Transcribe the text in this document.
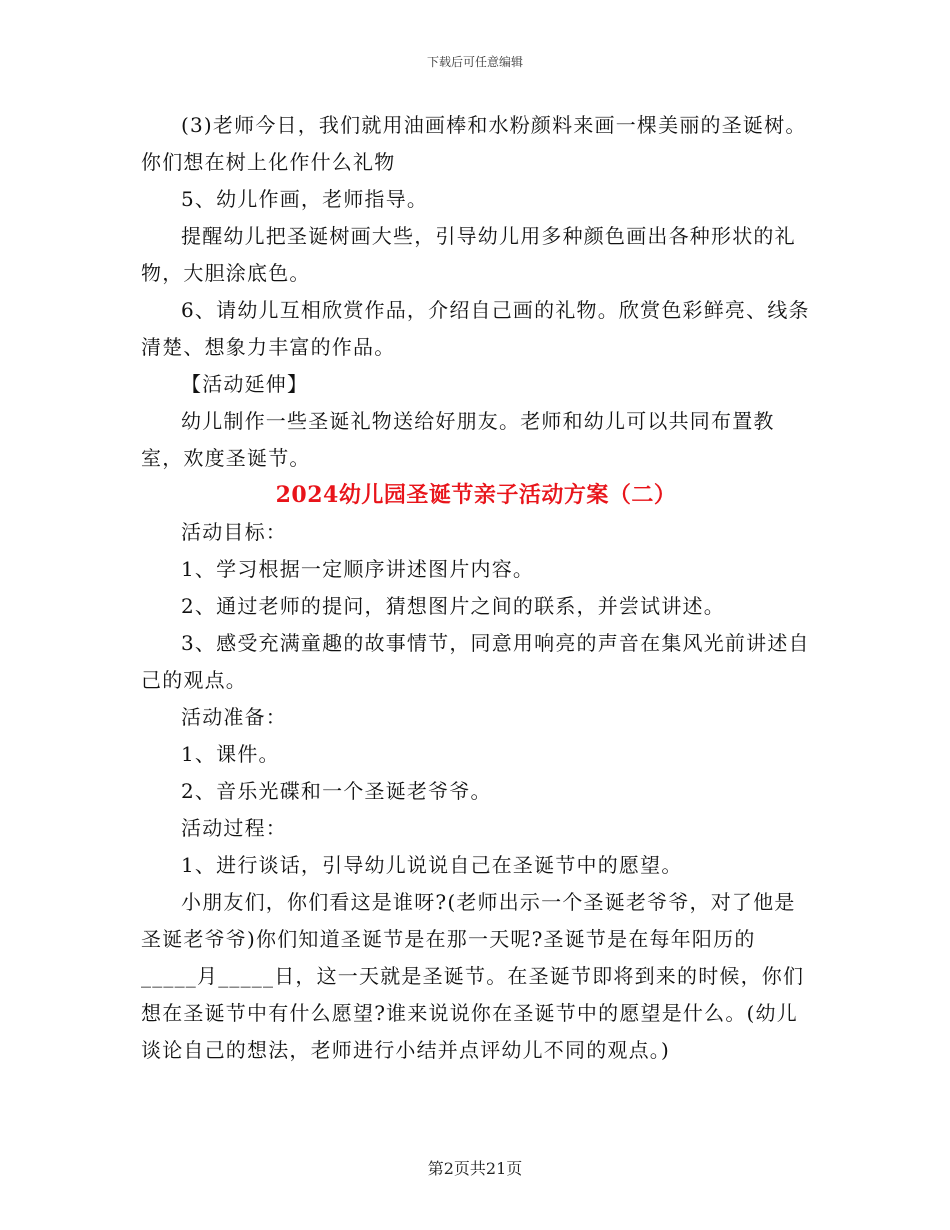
下载后可任意编辑

(3)老师今日，我们就用油画棒和水粉颜料来画一棵美丽的圣诞树。你们想在树上化作什么礼物

5、幼儿作画，老师指导。

提醒幼儿把圣诞树画大些，引导幼儿用多种颜色画出各种形状的礼物，大胆涂底色。

6、请幼儿互相欣赏作品，介绍自己画的礼物。欣赏色彩鲜亮、线条清楚、想象力丰富的作品。

【活动延伸】

幼儿制作一些圣诞礼物送给好朋友。老师和幼儿可以共同布置教室，欢度圣诞节。

2024幼儿园圣诞节亲子活动方案（二）

活动目标：

1、学习根据一定顺序讲述图片内容。

2、通过老师的提问，猜想图片之间的联系，并尝试讲述。

3、感受充满童趣的故事情节，同意用响亮的声音在集风光前讲述自己的观点。

活动准备：

1、课件。

2、音乐光碟和一个圣诞老爷爷。

活动过程：

1、进行谈话，引导幼儿说说自己在圣诞节中的愿望。

小朋友们，你们看这是谁呀?(老师出示一个圣诞老爷爷，对了他是圣诞老爷爷)你们知道圣诞节是在那一天呢?圣诞节是在每年阳历的_____月_____日，这一天就是圣诞节。在圣诞节即将到来的时候，你们想在圣诞节中有什么愿望?谁来说说你在圣诞节中的愿望是什么。(幼儿谈论自己的想法，老师进行小结并点评幼儿不同的观点。)

第2页共21页
